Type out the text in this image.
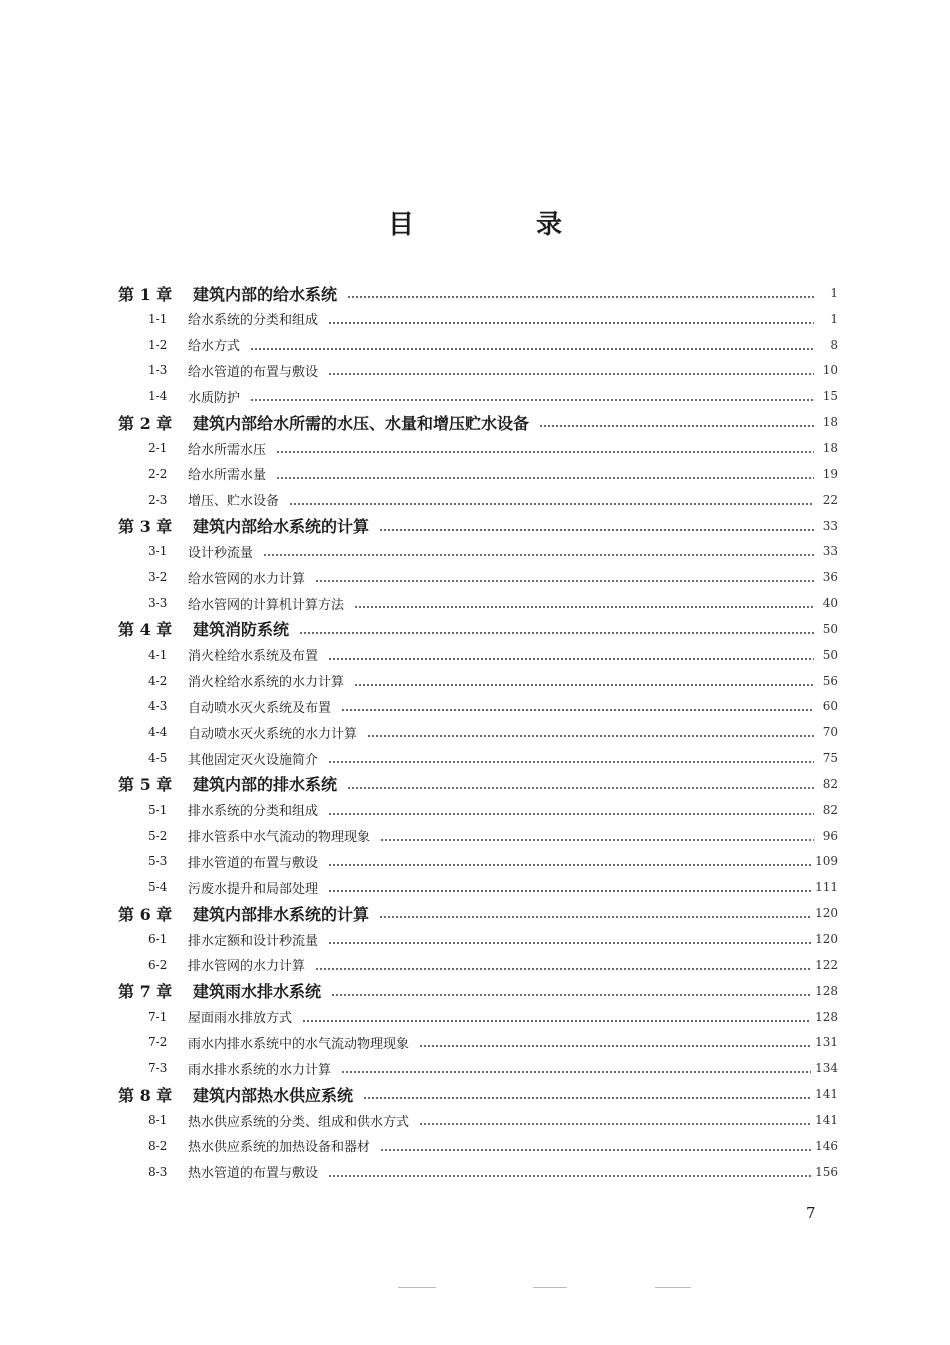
目　录
第 1 章	建筑内部的给水系统	1
1-1	给水系统的分类和组成	1
1-2	给水方式	8
1-3	给水管道的布置与敷设	10
1-4	水质防护	15
第 2 章	建筑内部给水所需的水压、水量和增压贮水设备	18
2-1	给水所需水压	18
2-2	给水所需水量	19
2-3	增压、贮水设备	22
第 3 章	建筑内部给水系统的计算	33
3-1	设计秒流量	33
3-2	给水管网的水力计算	36
3-3	给水管网的计算机计算方法	40
第 4 章	建筑消防系统	50
4-1	消火栓给水系统及布置	50
4-2	消火栓给水系统的水力计算	56
4-3	自动喷水灭火系统及布置	60
4-4	自动喷水灭火系统的水力计算	70
4-5	其他固定灭火设施简介	75
第 5 章	建筑内部的排水系统	82
5-1	排水系统的分类和组成	82
5-2	排水管系中水气流动的物理现象	96
5-3	排水管道的布置与敷设	109
5-4	污废水提升和局部处理	111
第 6 章	建筑内部排水系统的计算	120
6-1	排水定额和设计秒流量	120
6-2	排水管网的水力计算	122
第 7 章	建筑雨水排水系统	128
7-1	屋面雨水排放方式	128
7-2	雨水内排水系统中的水气流动物理现象	131
7-3	雨水排水系统的水力计算	134
第 8 章	建筑内部热水供应系统	141
8-1	热水供应系统的分类、组成和供水方式	141
8-2	热水供应系统的加热设备和器材	146
8-3	热水管道的布置与敷设	156
7
